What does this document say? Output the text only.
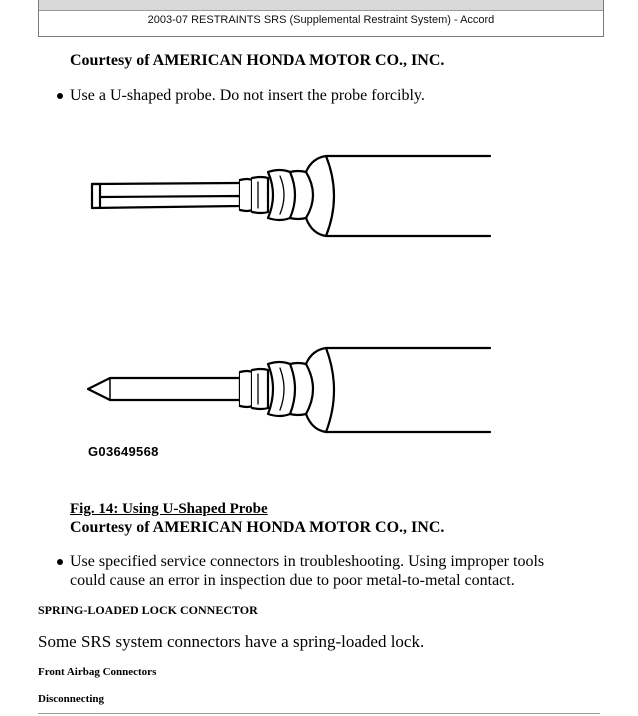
2003-07 RESTRAINTS SRS (Supplemental Restraint System) - Accord
Courtesy of AMERICAN HONDA MOTOR CO., INC.
Use a U-shaped probe. Do not insert the probe forcibly.
G03649568
Fig. 14: Using U-Shaped Probe
Courtesy of AMERICAN HONDA MOTOR CO., INC.
Use specified service connectors in troubleshooting. Using improper tools
could cause an error in inspection due to poor metal-to-metal contact.
SPRING-LOADED LOCK CONNECTOR
Some SRS system connectors have a spring-loaded lock.
Front Airbag Connectors
Disconnecting
